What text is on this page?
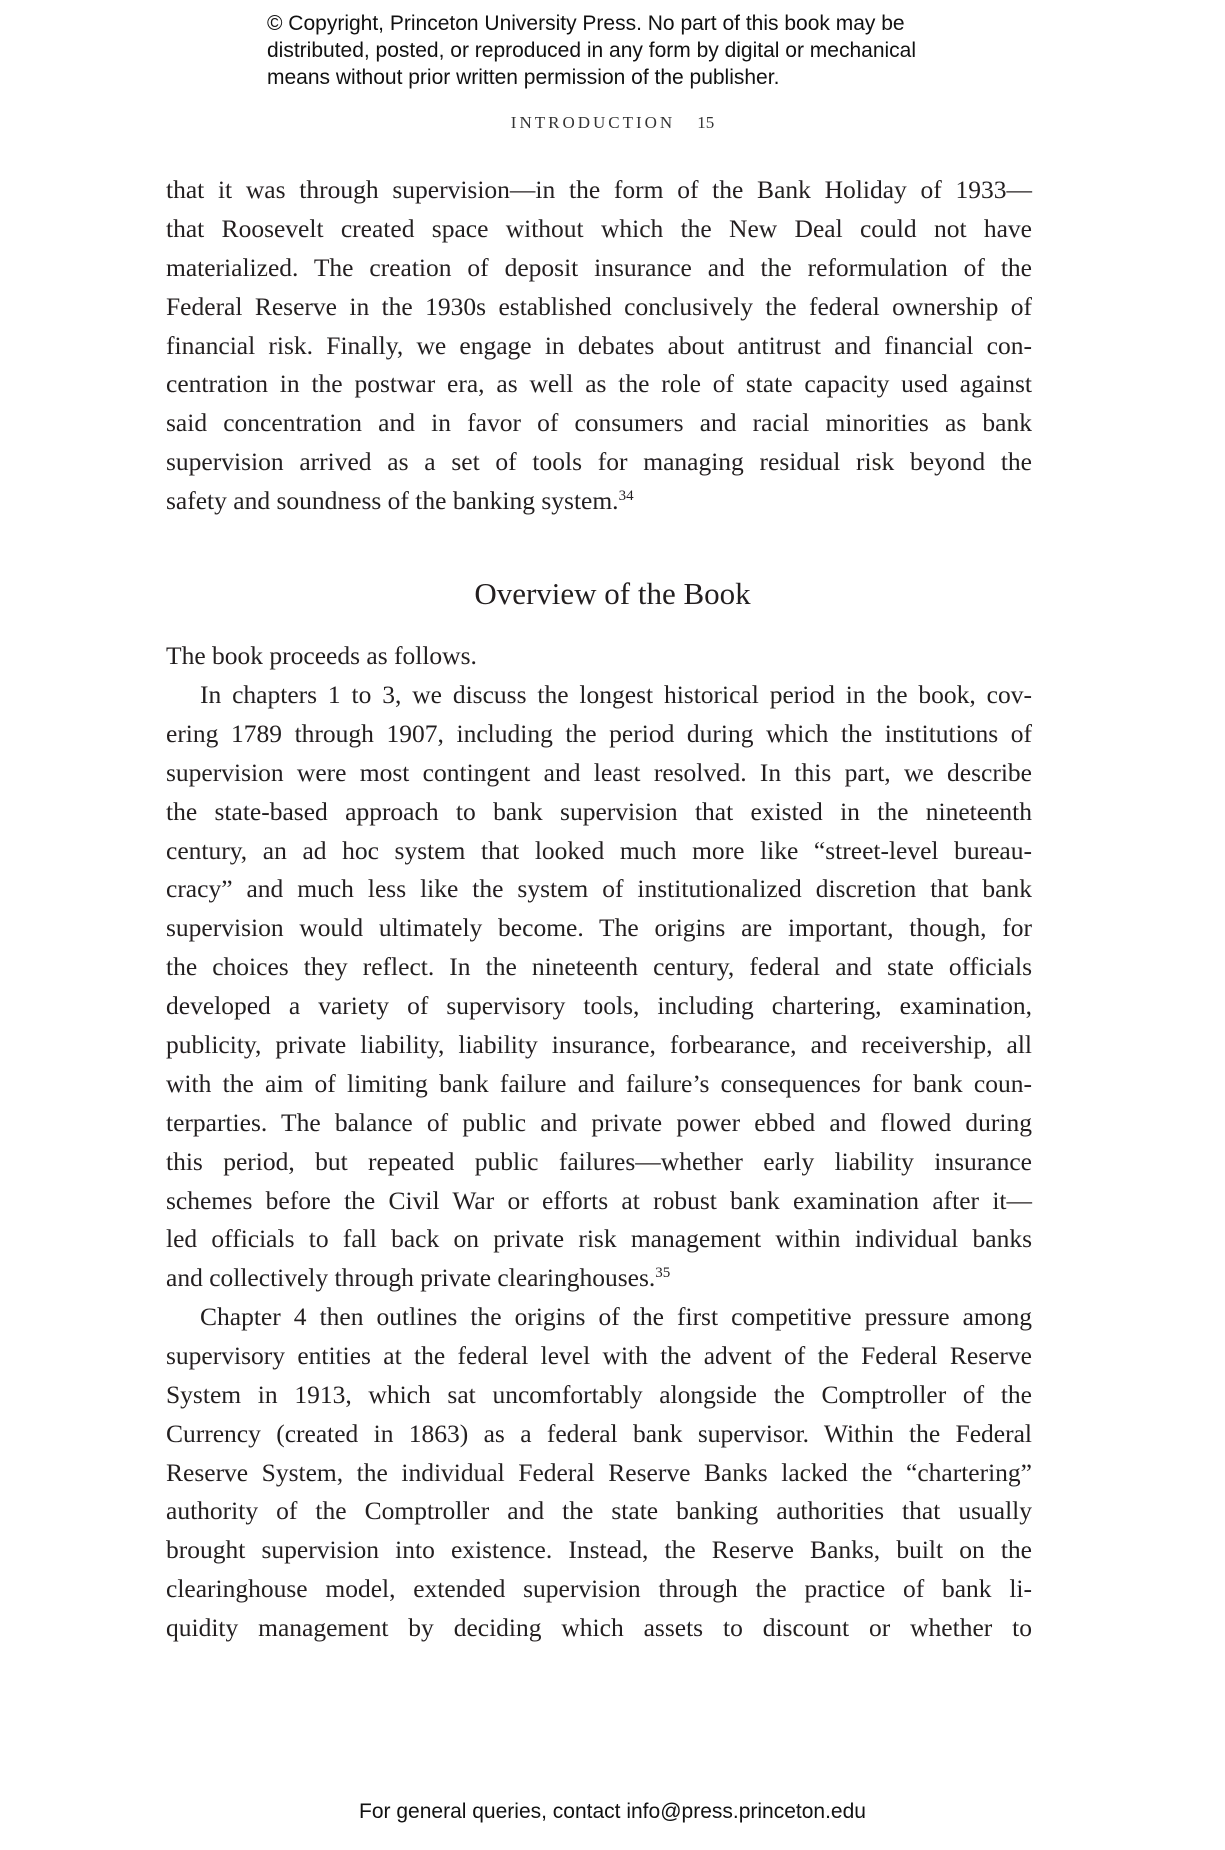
© Copyright, Princeton University Press. No part of this book may be
distributed, posted, or reproduced in any form by digital or mechanical
means without prior written permission of the publisher.
INTRODUCTION 15
that it was through supervision—in the form of the Bank Holiday of 1933—
that Roosevelt created space without which the New Deal could not have
materialized. The creation of deposit insurance and the reformulation of the
Federal Reserve in the 1930s established conclusively the federal ownership of
financial risk. Finally, we engage in debates about antitrust and financial con-
centration in the postwar era, as well as the role of state capacity used against
said concentration and in favor of consumers and racial minorities as bank
supervision arrived as a set of tools for managing residual risk beyond the
safety and soundness of the banking system.$^{34}$
Overview of the Book
The book proceeds as follows.
In chapters 1 to 3, we discuss the longest historical period in the book, cov-
ering 1789 through 1907, including the period during which the institutions of
supervision were most contingent and least resolved. In this part, we describe
the state-based approach to bank supervision that existed in the nineteenth
century, an ad hoc system that looked much more like “street-level bureau-
cracy” and much less like the system of institutionalized discretion that bank
supervision would ultimately become. The origins are important, though, for
the choices they reflect. In the nineteenth century, federal and state officials
developed a variety of supervisory tools, including chartering, examination,
publicity, private liability, liability insurance, forbearance, and receivership, all
with the aim of limiting bank failure and failure’s consequences for bank coun-
terparties. The balance of public and private power ebbed and flowed during
this period, but repeated public failures—whether early liability insurance
schemes before the Civil War or efforts at robust bank examination after it—
led officials to fall back on private risk management within individual banks
and collectively through private clearinghouses.$^{35}$
Chapter 4 then outlines the origins of the first competitive pressure among
supervisory entities at the federal level with the advent of the Federal Reserve
System in 1913, which sat uncomfortably alongside the Comptroller of the
Currency (created in 1863) as a federal bank supervisor. Within the Federal
Reserve System, the individual Federal Reserve Banks lacked the “chartering”
authority of the Comptroller and the state banking authorities that usually
brought supervision into existence. Instead, the Reserve Banks, built on the
clearinghouse model, extended supervision through the practice of bank li-
quidity management by deciding which assets to discount or whether to
For general queries, contact info@press.princeton.edu
